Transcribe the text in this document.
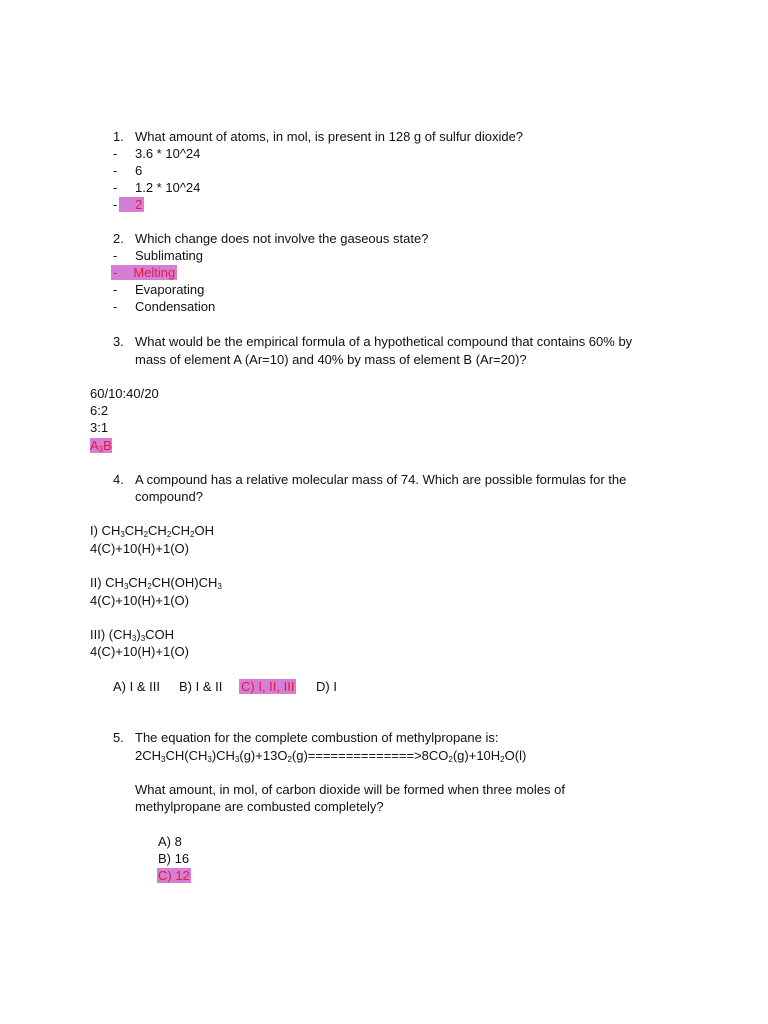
1. What amount of atoms, in mol, is present in 128 g of sulfur dioxide?
- 3.6 * 10^24
- 6
- 1.2 * 10^24
-	2
2. Which change does not involve the gaseous state?
- Sublimating
- Melting
- Evaporating
- Condensation
3. What would be the empirical formula of a hypothetical compound that contains 60% by
mass of element A (Ar=10) and 40% by mass of element B (Ar=20)?
60/10:40/20
6:2
3:1
$A_3B$
4. A compound has a relative molecular mass of 74. Which are possible formulas for the
compound?
I) $CH_3CH_2CH_2CH_2OH$
4(C)+10(H)+1(O)
II) $CH_3CH_2CH(OH)CH_3$
4(C)+10(H)+1(O)
III) $(CH_3)_3COH$
4(C)+10(H)+1(O)
A) I & III B) I & II C) I, II, III D) I
5. The equation for the complete combustion of methylpropane is:
$2CH_3CH(CH_3)CH_3(g)+13O_2(g)==============>8CO_2(g)+10H_2O(l)$
What amount, in mol, of carbon dioxide will be formed when three moles of
methylpropane are combusted completely?
A) 8
B) 16
C) 12
